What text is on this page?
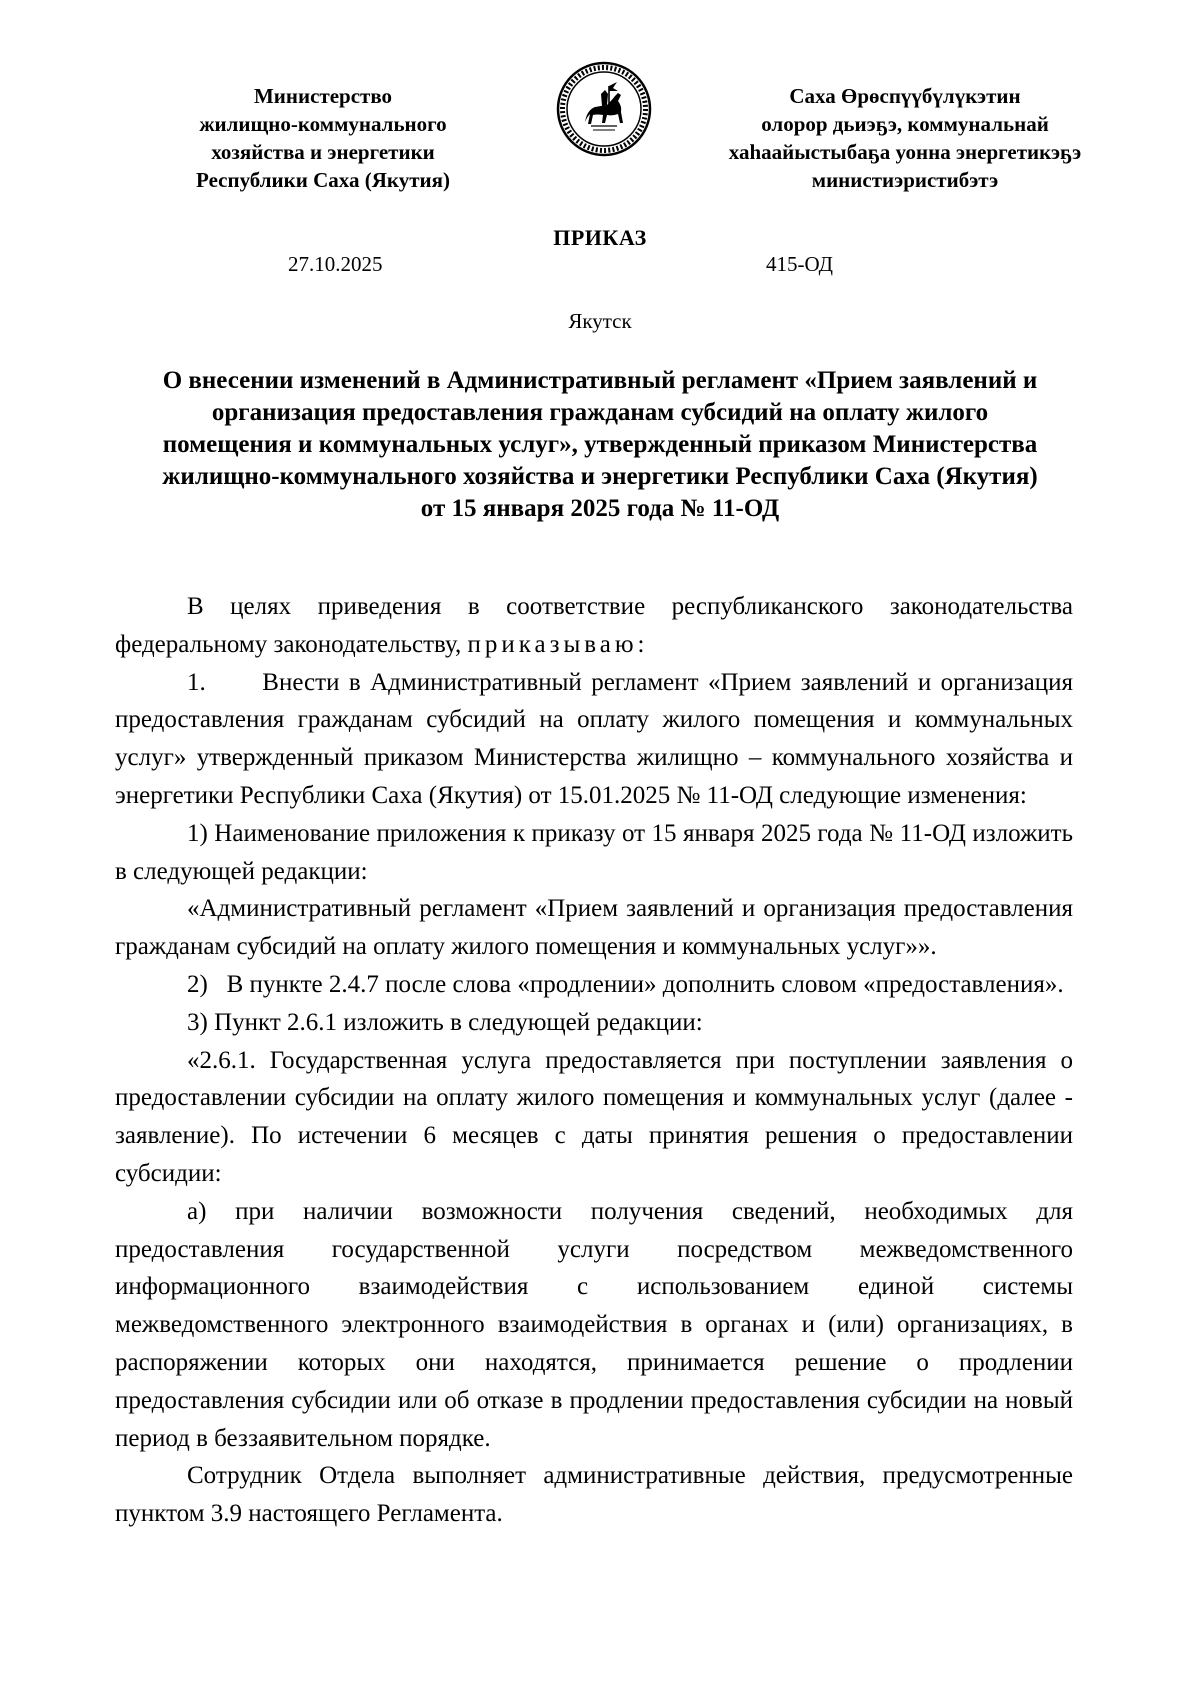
Министерство
жилищно-коммунального
хозяйства и энергетики
Республики Саха (Якутия)
Саха Өрөспүүбүлүкэтин
олорор дьиэҕэ, коммунальнай
хаһаайыстыбаҕа уонна энергетикэҕэ
министиэристибэтэ
ПРИКАЗ
27.10.2025	415-ОД
Якутск
О внесении изменений в Административный регламент «Прием заявлений и
организация предоставления гражданам субсидий на оплату жилого
помещения и коммунальных услуг», утвержденный приказом Министерства
жилищно-коммунального хозяйства и энергетики Республики Саха (Якутия)
от 15 января 2025 года № 11-ОД

В целях приведения в соответствие республиканского законодательства федеральному законодательству, приказываю:

1.      Внести в Административный регламент «Прием заявлений и организация предоставления гражданам субсидий на оплату жилого помещения и коммунальных услуг» утвержденный приказом Министерства жилищно – коммунального хозяйства и энергетики Республики Саха (Якутия) от 15.01.2025 № 11-ОД следующие изменения:

1) Наименование приложения к приказу от 15 января 2025 года № 11-ОД изложить в следующей редакции:

«Административный регламент «Прием заявлений и организация предоставления гражданам субсидий на оплату жилого помещения и коммунальных услуг»».

2)   В пункте 2.4.7 после слова «продлении» дополнить словом «предоставления».

3) Пункт 2.6.1 изложить в следующей редакции:

«2.6.1. Государственная услуга предоставляется при поступлении заявления о предоставлении субсидии на оплату жилого помещения и коммунальных услуг (далее - заявление). По истечении 6 месяцев с даты принятия решения о предоставлении субсидии:

а) при наличии возможности получения сведений, необходимых для предоставления государственной услуги посредством межведомственного информационного взаимодействия с использованием единой системы межведомственного электронного взаимодействия в органах и (или) организациях, в распоряжении которых они находятся, принимается решение о продлении предоставления субсидии или об отказе в продлении предоставления субсидии на новый период в беззаявительном порядке.

Сотрудник Отдела выполняет административные действия, предусмотренные пунктом 3.9 настоящего Регламента.
